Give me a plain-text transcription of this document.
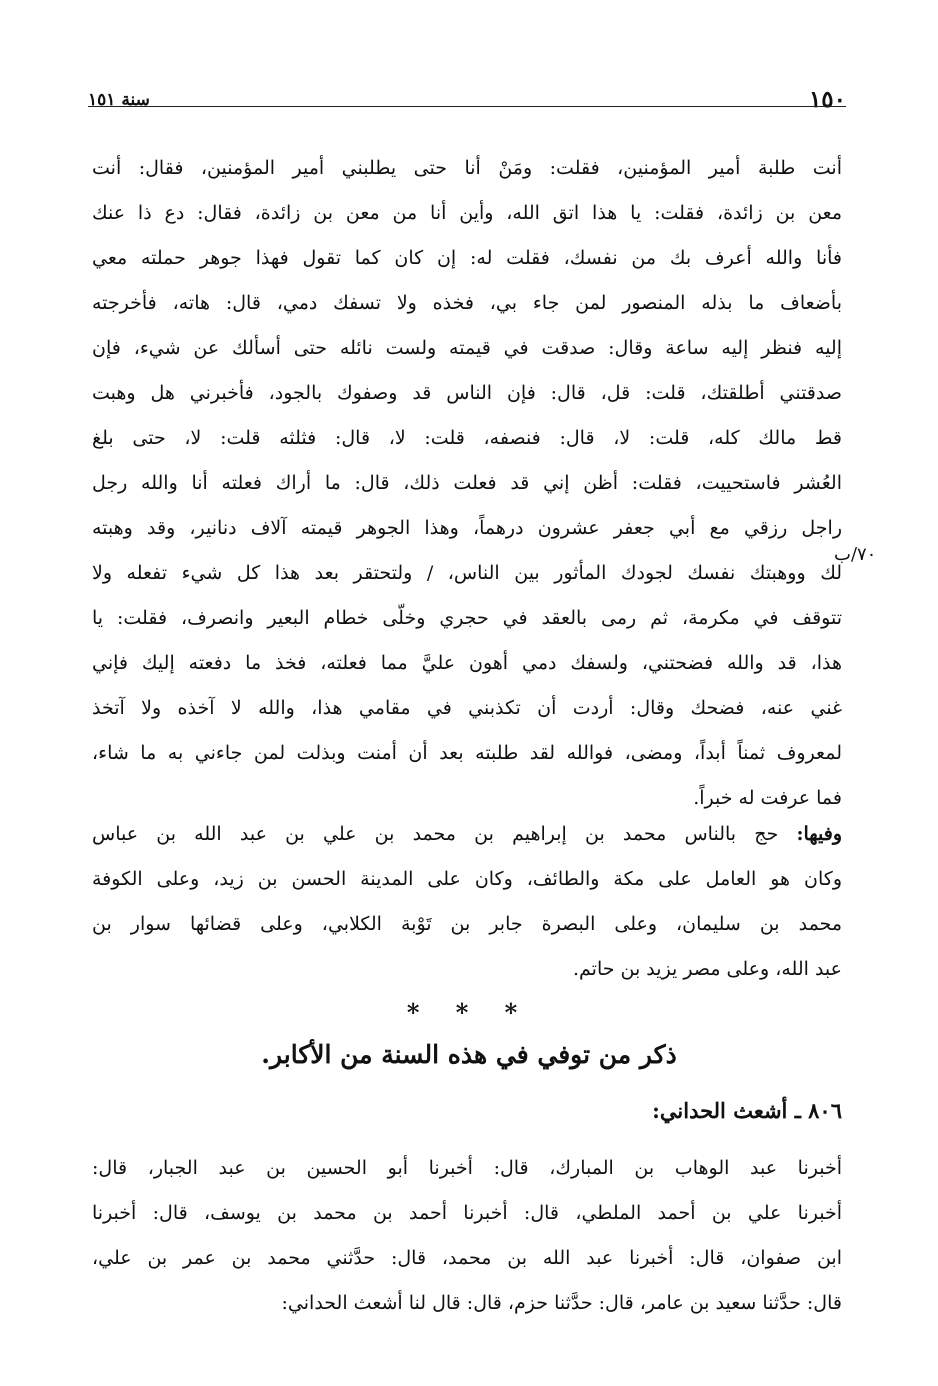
١٥٠
سنة ١٥١
٧٠/ب
أنت طلبة أمير المؤمنين، فقلت: ومَنْ أنا حتى يطلبني أمير المؤمنين، فقال: أنت
معن بن زائدة، فقلت: يا هذا اتق الله، وأين أنا من معن بن زائدة، فقال: دع ذا عنك
فأنا والله أعرف بك من نفسك، فقلت له: إن كان كما تقول فهذا جوهر حملته معي
بأضعاف ما بذله المنصور لمن جاء بي، فخذه ولا تسفك دمي، قال: هاته، فأخرجته
إليه فنظر إليه ساعة وقال: صدقت في قيمته ولست نائله حتى أسألك عن شيء، فإن
صدقتني أطلقتك، قلت: قل، قال: فإن الناس قد وصفوك بالجود، فأخبرني هل وهبت
قط مالك كله، قلت: لا، قال: فنصفه، قلت: لا، قال: فثلثه قلت: لا، حتى بلغ
العُشر فاستحييت، فقلت: أظن إني قد فعلت ذلك، قال: ما أراك فعلته أنا والله رجل
راجل رزقي مع أبي جعفر عشرون درهماً، وهذا الجوهر قيمته آلاف دنانير، وقد وهبته
لك ووهبتك نفسك لجودك المأثور بين الناس، / ولتحتقر بعد هذا كل شيء تفعله ولا
تتوقف في مكرمة، ثم رمى بالعقد في حجري وخلّى خطام البعير وانصرف، فقلت: يا
هذا، قد والله فضحتني، ولسفك دمي أهون عليَّ مما فعلته، فخذ ما دفعته إليك فإني
غني عنه، فضحك وقال: أردت أن تكذبني في مقامي هذا، والله لا آخذه ولا آتخذ
لمعروف ثمناً أبداً، ومضى، فوالله لقد طلبته بعد أن أمنت وبذلت لمن جاءني به ما شاء،
فما عرفت له خبراً.
وفيها: حج بالناس محمد بن إبراهيم بن محمد بن علي بن عبد الله بن عباس
وكان هو العامل على مكة والطائف، وكان على المدينة الحسن بن زيد، وعلى الكوفة
محمد بن سليمان، وعلى البصرة جابر بن تَوْبة الكلابي، وعلى قضائها سوار بن
عبد الله، وعلى مصر يزيد بن حاتم.
* * *
ذكر من توفي في هذه السنة من الأكابر.
٨٠٦ ـ أشعث الحداني:
أخبرنا عبد الوهاب بن المبارك، قال: أخبرنا أبو الحسين بن عبد الجبار، قال:
أخبرنا علي بن أحمد الملطي، قال: أخبرنا أحمد بن محمد بن يوسف، قال: أخبرنا
ابن صفوان، قال: أخبرنا عبد الله بن محمد، قال: حدَّثني محمد بن عمر بن علي،
قال: حدَّثنا سعيد بن عامر، قال: حدَّثنا حزم، قال: قال لنا أشعث الحداني:
